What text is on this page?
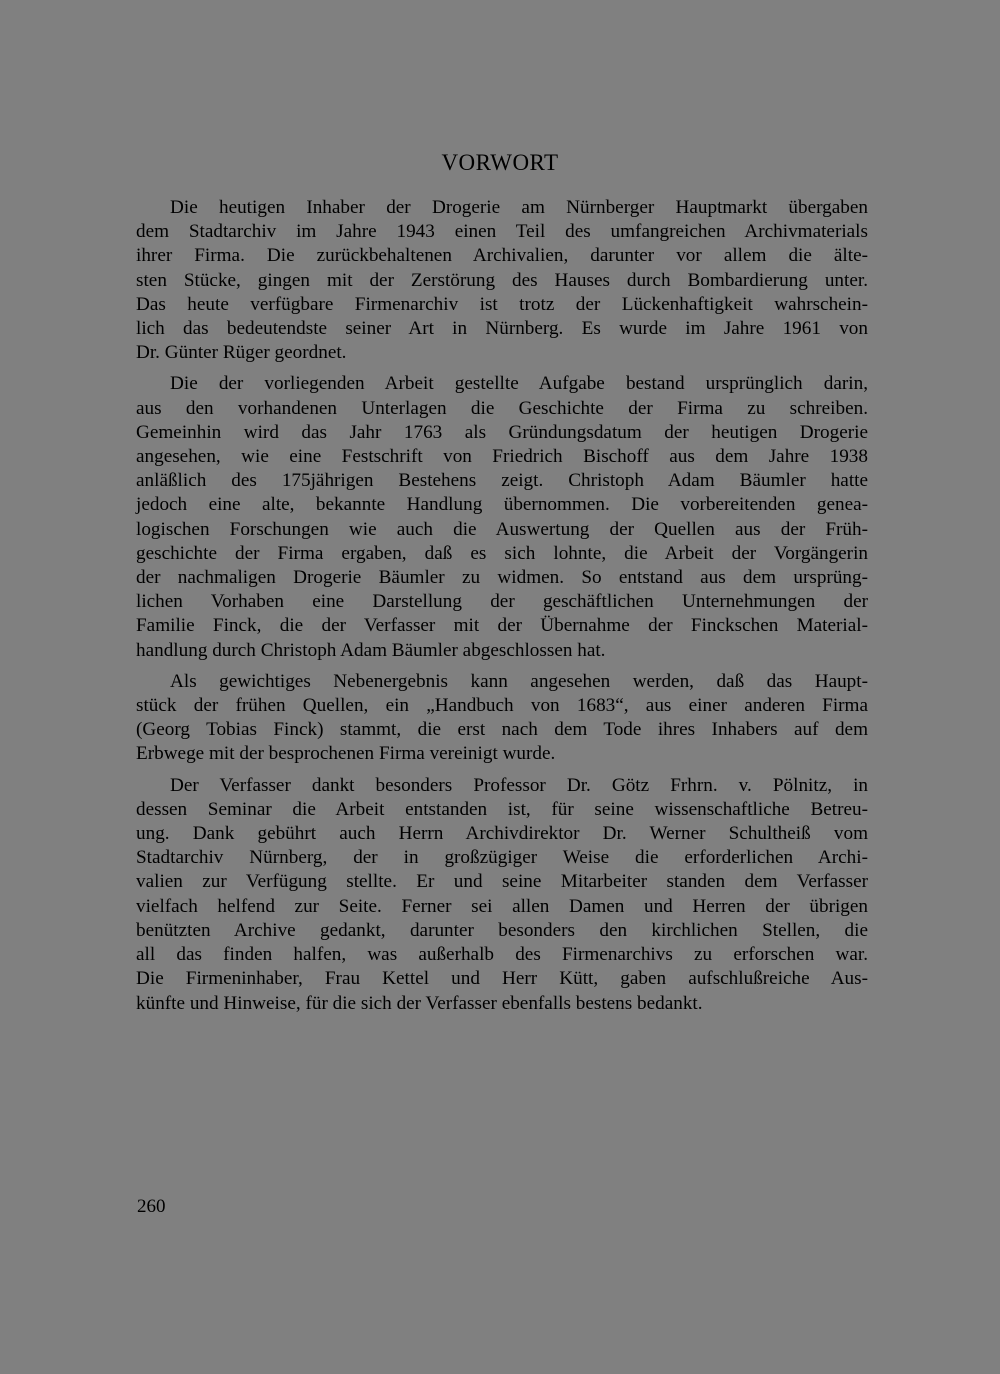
VORWORT

Die heutigen Inhaber der Drogerie am Nürnberger Hauptmarkt übergaben
dem Stadtarchiv im Jahre 1943 einen Teil des umfangreichen Archivmaterials
ihrer Firma. Die zurückbehaltenen Archivalien, darunter vor allem die älte-
sten Stücke, gingen mit der Zerstörung des Hauses durch Bombardierung unter.
Das heute verfügbare Firmenarchiv ist trotz der Lückenhaftigkeit wahrschein-
lich das bedeutendste seiner Art in Nürnberg. Es wurde im Jahre 1961 von
Dr. Günter Rüger geordnet.

Die der vorliegenden Arbeit gestellte Aufgabe bestand ursprünglich darin,
aus den vorhandenen Unterlagen die Geschichte der Firma zu schreiben.
Gemeinhin wird das Jahr 1763 als Gründungsdatum der heutigen Drogerie
angesehen, wie eine Festschrift von Friedrich Bischoff aus dem Jahre 1938
anläßlich des 175jährigen Bestehens zeigt. Christoph Adam Bäumler hatte
jedoch eine alte, bekannte Handlung übernommen. Die vorbereitenden genea-
logischen Forschungen wie auch die Auswertung der Quellen aus der Früh-
geschichte der Firma ergaben, daß es sich lohnte, die Arbeit der Vorgängerin
der nachmaligen Drogerie Bäumler zu widmen. So entstand aus dem ursprüng-
lichen Vorhaben eine Darstellung der geschäftlichen Unternehmungen der
Familie Finck, die der Verfasser mit der Übernahme der Finckschen Material-
handlung durch Christoph Adam Bäumler abgeschlossen hat.

Als gewichtiges Nebenergebnis kann angesehen werden, daß das Haupt-
stück der frühen Quellen, ein „Handbuch von 1683“, aus einer anderen Firma
(Georg Tobias Finck) stammt, die erst nach dem Tode ihres Inhabers auf dem
Erbwege mit der besprochenen Firma vereinigt wurde.

Der Verfasser dankt besonders Professor Dr. Götz Frhrn. v. Pölnitz, in
dessen Seminar die Arbeit entstanden ist, für seine wissenschaftliche Betreu-
ung. Dank gebührt auch Herrn Archivdirektor Dr. Werner Schultheiß vom
Stadtarchiv Nürnberg, der in großzügiger Weise die erforderlichen Archi-
valien zur Verfügung stellte. Er und seine Mitarbeiter standen dem Verfasser
vielfach helfend zur Seite. Ferner sei allen Damen und Herren der übrigen
benützten Archive gedankt, darunter besonders den kirchlichen Stellen, die
all das finden halfen, was außerhalb des Firmenarchivs zu erforschen war.
Die Firmeninhaber, Frau Kettel und Herr Kütt, gaben aufschlußreiche Aus-
künfte und Hinweise, für die sich der Verfasser ebenfalls bestens bedankt.

260
